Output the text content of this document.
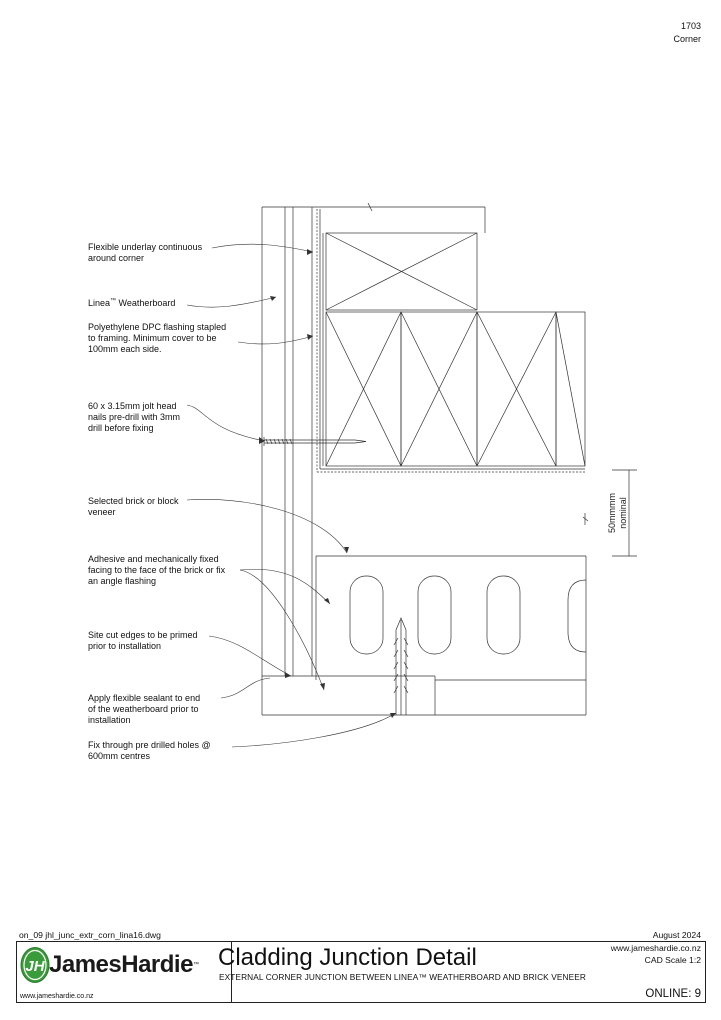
1703
Corner
50mmmm nominal
Flexible underlay continuous
around corner
Linea™ Weatherboard
Polyethylene DPC flashing stapled
to framing. Minimum cover to be
100mm each side.
60 x 3.15mm jolt head
nails pre-drill with 3mm
drill before fixing
Selected brick or block
veneer
Adhesive and mechanically fixed
facing to the face of the brick or fix
an angle flashing
Site cut edges to be primed
prior to installation
Apply flexible sealant to end
of the weatherboard prior to
installation
Fix through pre drilled holes @
600mm centres
on_09 jhl_junc_extr_corn_lina16.dwg	August 2024
JH JamesHardie™ Cladding Junction Detail
EXTERNAL CORNER JUNCTION BETWEEN LINEA™ WEATHERBOARD AND BRICK VENEER
www.jameshardie.co.nz
CAD Scale 1:2
ONLINE: 9
www.jameshardie.co.nz
